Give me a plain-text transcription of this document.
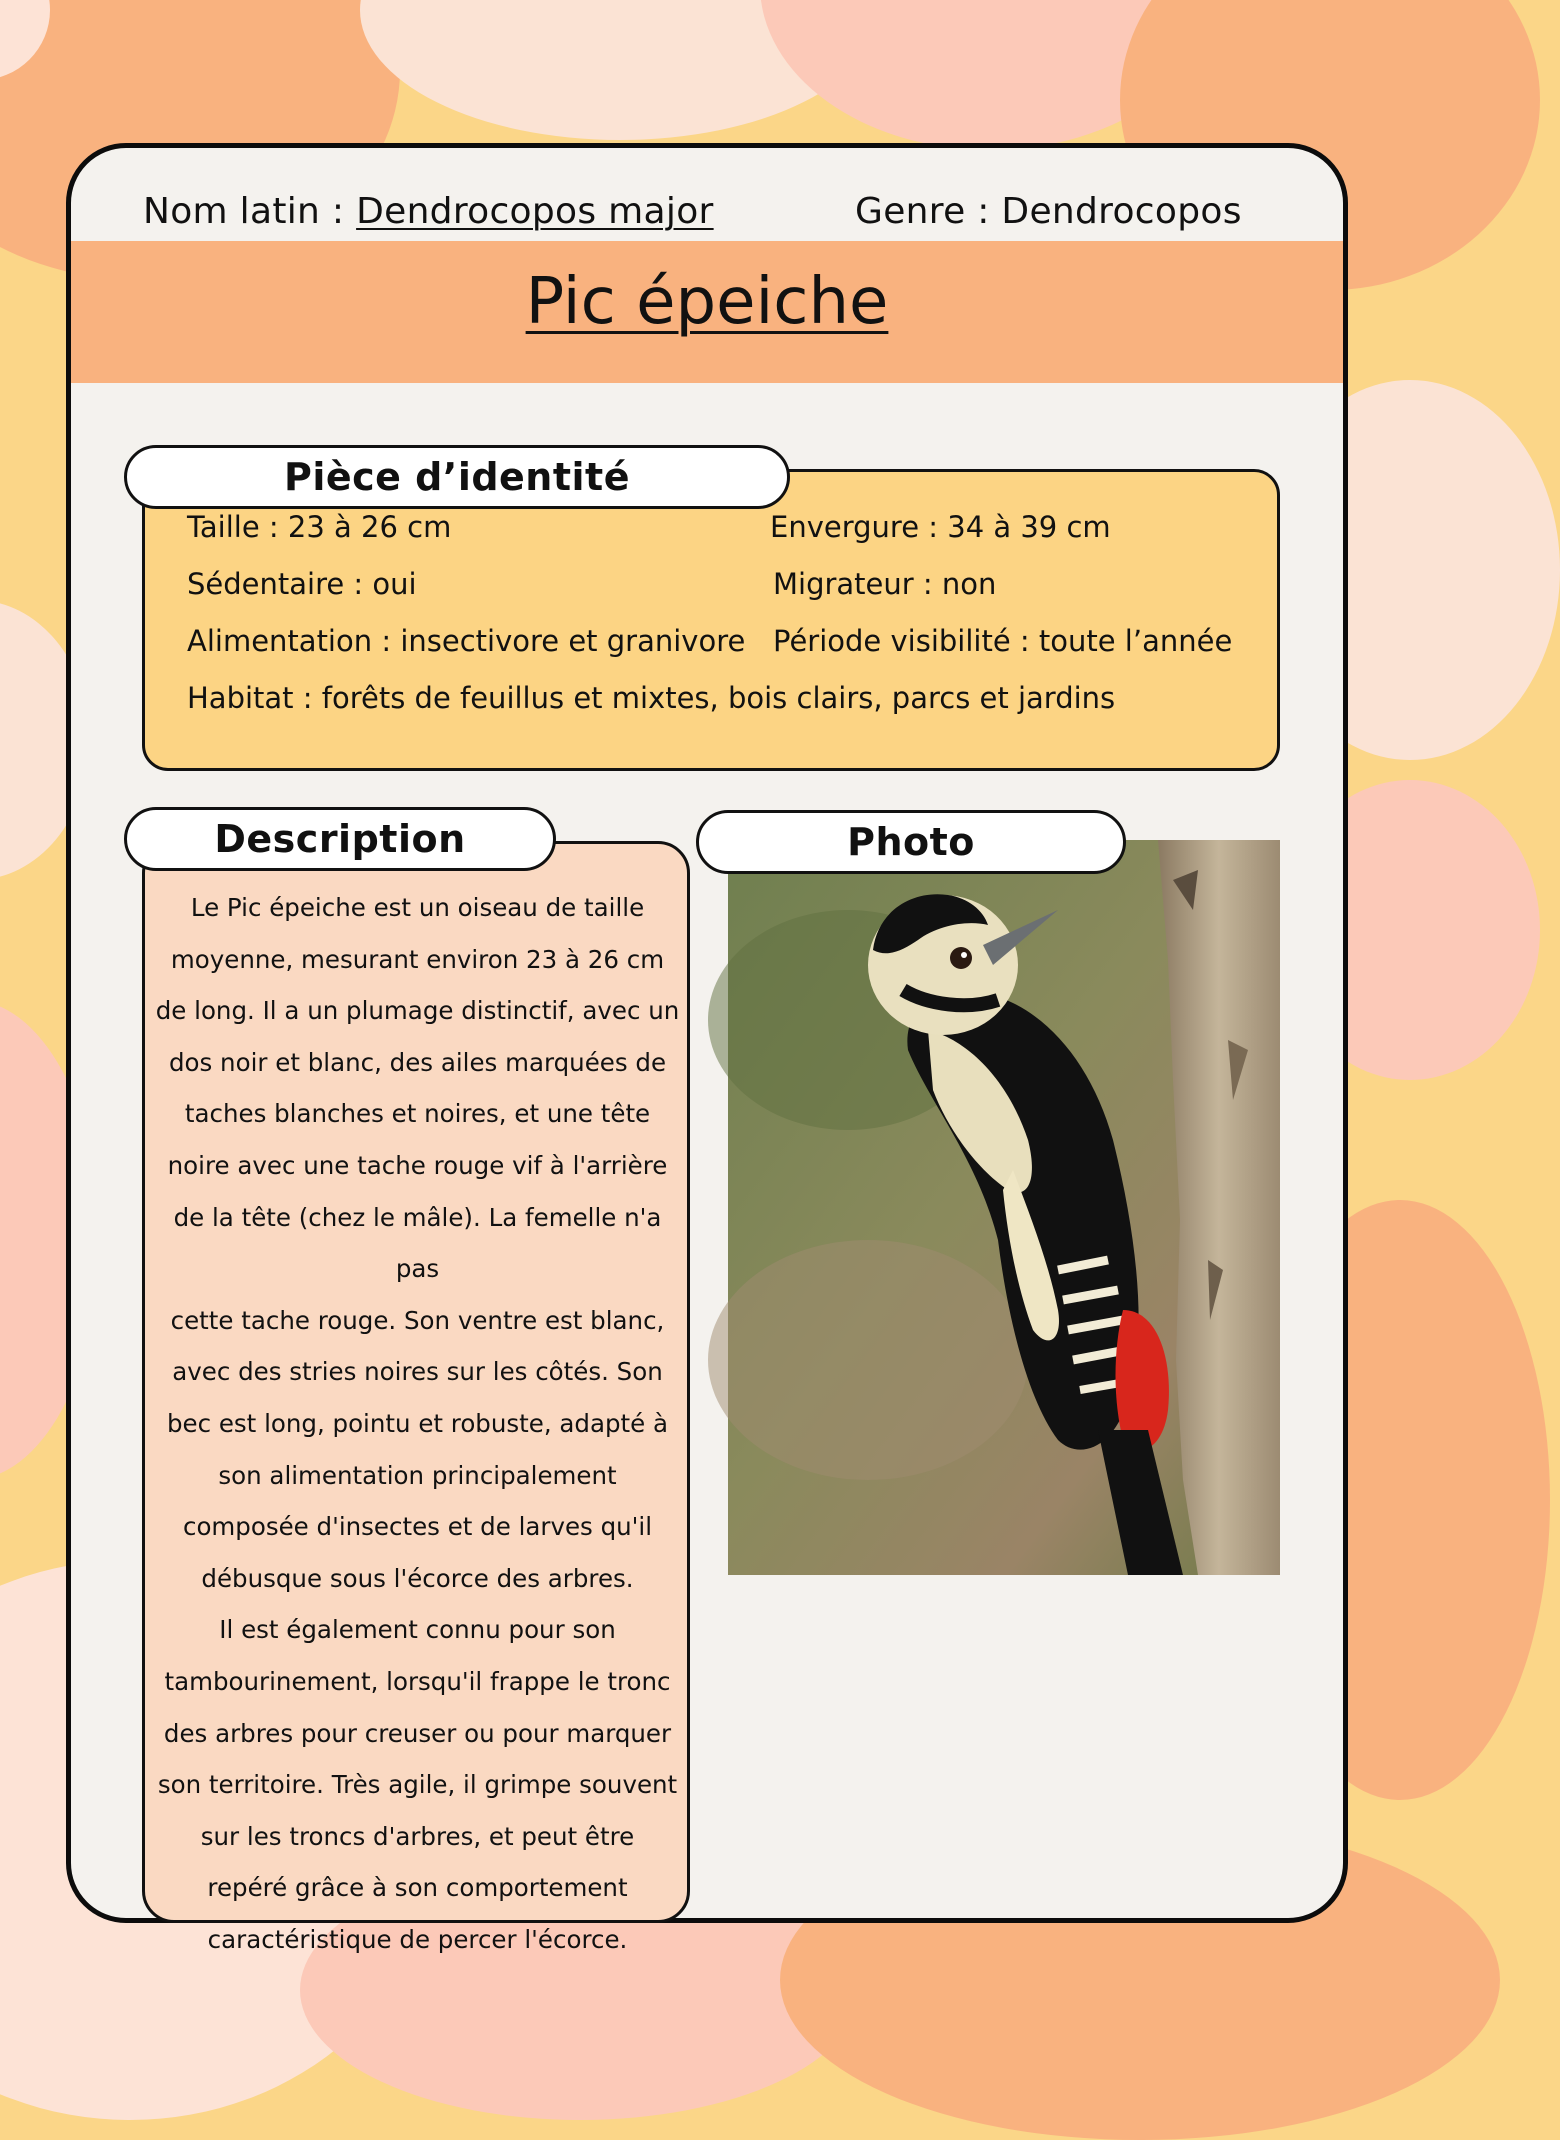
Nom latin : Dendrocopos major	Genre : Dendrocopos
Pic épeiche
Pièce d’identité
Taille : 23 à 26 cm	Envergure : 34 à 39 cm
Sédentaire : oui	Migrateur : non
Alimentation : insectivore et granivore Période visibilité : toute l’année
Habitat : forêts de feuillus et mixtes, bois clairs, parcs et jardins
Description
Le Pic épeiche est un oiseau de taille
moyenne, mesurant environ 23 à 26 cm
de long. Il a un plumage distinctif, avec un
dos noir et blanc, des ailes marquées de
taches blanches et noires, et une tête
noire avec une tache rouge vif à l'arrière
de la tête (chez le mâle). La femelle n'a pas
cette tache rouge. Son ventre est blanc,
avec des stries noires sur les côtés. Son
bec est long, pointu et robuste, adapté à
son alimentation principalement
composée d'insectes et de larves qu'il
débusque sous l'écorce des arbres.
Il est également connu pour son
tambourinement, lorsqu'il frappe le tronc
des arbres pour creuser ou pour marquer
son territoire. Très agile, il grimpe souvent
sur les troncs d'arbres, et peut être
repéré grâce à son comportement
caractéristique de percer l'écorce.
Photo
